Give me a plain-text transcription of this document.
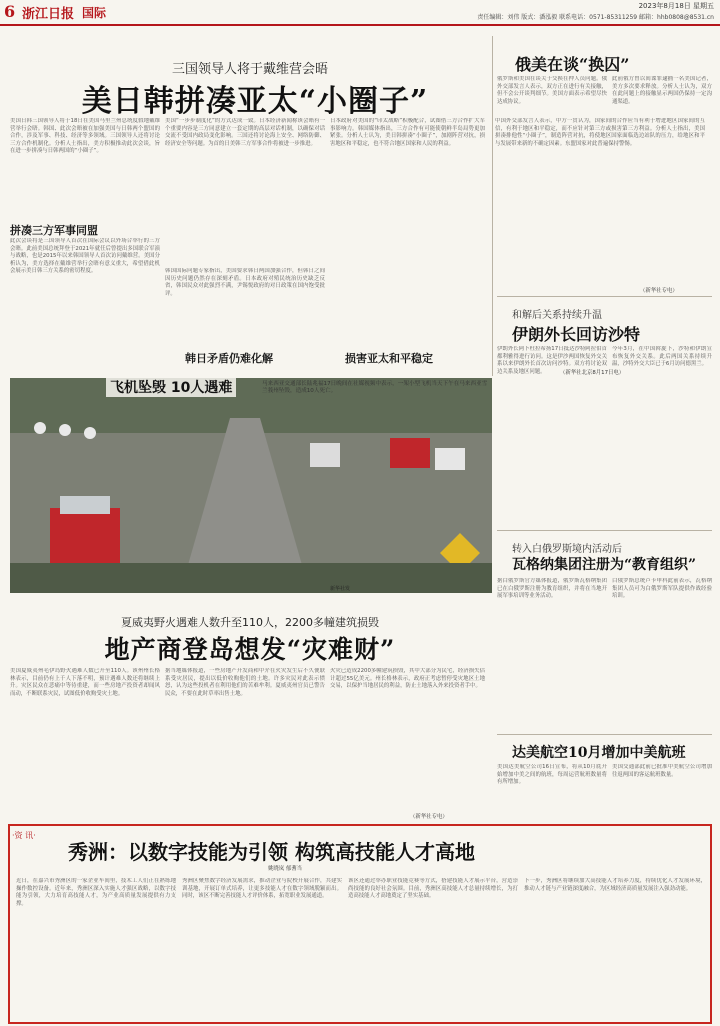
6 浙江日报 国际	2023年8月18日 星期五
责任编辑：刘伟 版式：潘泓毅 联系电话：0571-85311259 邮箱：hhb0808@8531.cn
三国领导人将于戴维营会晤
美日韩拼凑亚太“小圈子”
美国日韩三国领导人将于18日在美国马里兰州总统度假地戴维营举行会晤。韩国、此次会晤被在加强美国与日韩两个盟国的合作，涉及军事、科技、经济等多领域。三国领导人还将讨论三方合作机制化。分析人士指出，美方积极推动此次会谈，旨在进一步拼凑与日韩两国的“小圈子”。
拼凑三方军事同盟
此次会谈将是三国领导人首次在国际会议以外场合举行的三方会晤。此前美国总统拜登于2021年就任后曾提出多国联合军演与战略，也是2015年以来韩国领导人首次访问戴维营。美国分析认为，美方选择在戴维营举行会晤有意义重大，希望借此机会展示美日韩三方关系的密切程度。
美国“一步步制度化”的方式达成一致。日本经济新闻称该会晤有一个重要内容是三方同意建立一套定期的高层对话机制，以确保对话交流不受国内政局变化影响。三国还将讨论海上安全、网络防御、经济安全等问题。为首的日美韩三方军事合作将被进一步推进。
韩日矛盾仍难化解
韩国国际问题专家指出，美国要求韩日两国加强合作，但韩日之间因历史问题仍然存在深刻矛盾。日本政府对殖民统治历史缺乏反省，韩国民众对此强烈不满，尹锡悦政府的对日政策在国内饱受批评。
日本政府对美国的“印太战略”积极配合，试图借三方合作扩大军事影响力。韩国媒体指出，三方合作有可能使朝鲜半岛局势更加紧张。分析人士认为，美日韩拼凑“小圈子”，加剧阵营对抗，损害地区和平稳定，也不符合地区国家和人民的利益。
损害亚太和平稳定
中国外交部发言人表示，中方一贯认为，国家间的合作应当有利于增进地区国家间的互信，有利于地区和平稳定，而不应针对第三方或损害第三方利益。分析人士指出，美国拼凑排他性“小圈子”，制造阵营对抗，将使地区国家面临选边站队的压力，给地区和平与发展带来新的不确定因素。东盟国家对此普遍保持警惕。
（新华社北京8月17日电）
飞机坠毁 10人遇难	马来西亚交通部长陆兆福17日晚间在社媒视频中表示，一架小型飞机当天下午在马来西亚雪兰莪州坠毁，造成10人死亡。
新华社发
夏威夷野火遇难人数升至110人，2200多幢建筑损毁
地产商登岛想发“灾难财”
美国夏威夷州毛伊岛野火遇难人数已升至110人。该州州长格林表示，目前仍有上千人下落不明，预计遇难人数还将继续上升。灾区民众在悲痛中等待重建，而一些房地产投资者却闻风而动，不断联系灾民，试图低价收购受灾土地。
据当地媒体报道，一些房地产开发商和中介在火灾发生后不久便联系受灾居民，提出以低价收购他们的土地。许多灾民对此表示愤怒，认为这些投机者在利用他们的苦难牟利。夏威夷州官员已警告民众，不要在此时草率出售土地。
火灾已造成2200多幢建筑损毁，其中大部分为民宅，经济损失估计超过55亿美元。州长格林表示，政府正考虑暂停受灾地区土地交易，以保护当地居民的利益，防止土地落入外来投资者手中。
（新华社专电）
俄美在谈“换囚”
俄罗斯和美国在谈关于交换在押人员问题。俄外交部发言人表示，双方正在进行有关接触，但不会公开谈判细节。美国方面表示希望尽快达成协议。
此前俄方曾以间谍罪逮捕一名美国记者，美方多次要求释放。分析人士认为，双方在此问题上的接触显示两国仍保持一定沟通渠道。
（新华社专电）
和解后关系持续升温
伊朗外长回访沙特
伊朗外长阿卜杜拉希扬17日抵达沙特阿拉伯首都利雅得进行访问。这是伊沙两国恢复外交关系以来伊朗外长首次访问沙特。双方将讨论双边关系及地区问题。
今年3月，在中国斡旋下，沙特和伊朗宣布恢复外交关系。此后两国关系持续升温，沙特外交大臣已于6月访问德黑兰。
转入白俄罗斯境内活动后
瓦格纳集团注册为“教育组织”
据白俄罗斯官方媒体报道，俄罗斯瓦格纳集团已在白俄罗斯注册为教育组织，并将在当地开展军事培训等业务活动。
白俄罗斯总统卢卡申科此前表示，瓦格纳集团人员可为白俄罗斯军队提供作战经验培训。
达美航空10月增加中美航班
美国达美航空公司16日宣布，将从10月底开始增加中美之间的航班，每周运营航班数量将有所增加。
美国交通部此前已批准中美航空公司增加往返两国的客运航班数量。
·资 讯·
秀洲：以数字技能为引领 构筑高技能人才高地
姚晓岚 郁蓍当
近日，在嘉兴市秀洲区的一家企业车间里，技术工人们正在熟练地操作数控设备。近年来，秀洲区深入实施人才强区战略，以数字技能为引领，大力培育高技能人才，为产业高质量发展提供有力支撑。
秀洲区聚焦数字经济发展需求，推动企业与院校开展合作，共建实训基地，开展订单式培养，让更多技能人才在数字领域脱颖而出。同时，该区不断完善技能人才评价体系，拓宽职业发展通道。
该区还通过举办职业技能竞赛等方式，搭建技能人才展示平台，营造崇尚技能的良好社会氛围。目前，秀洲区高技能人才总量持续增长，为打造高技能人才高地奠定了坚实基础。
下一步，秀洲区将继续加大高技能人才培养力度，持续优化人才发展环境，推动人才链与产业链深度融合，为区域经济高质量发展注入强劲动能。
